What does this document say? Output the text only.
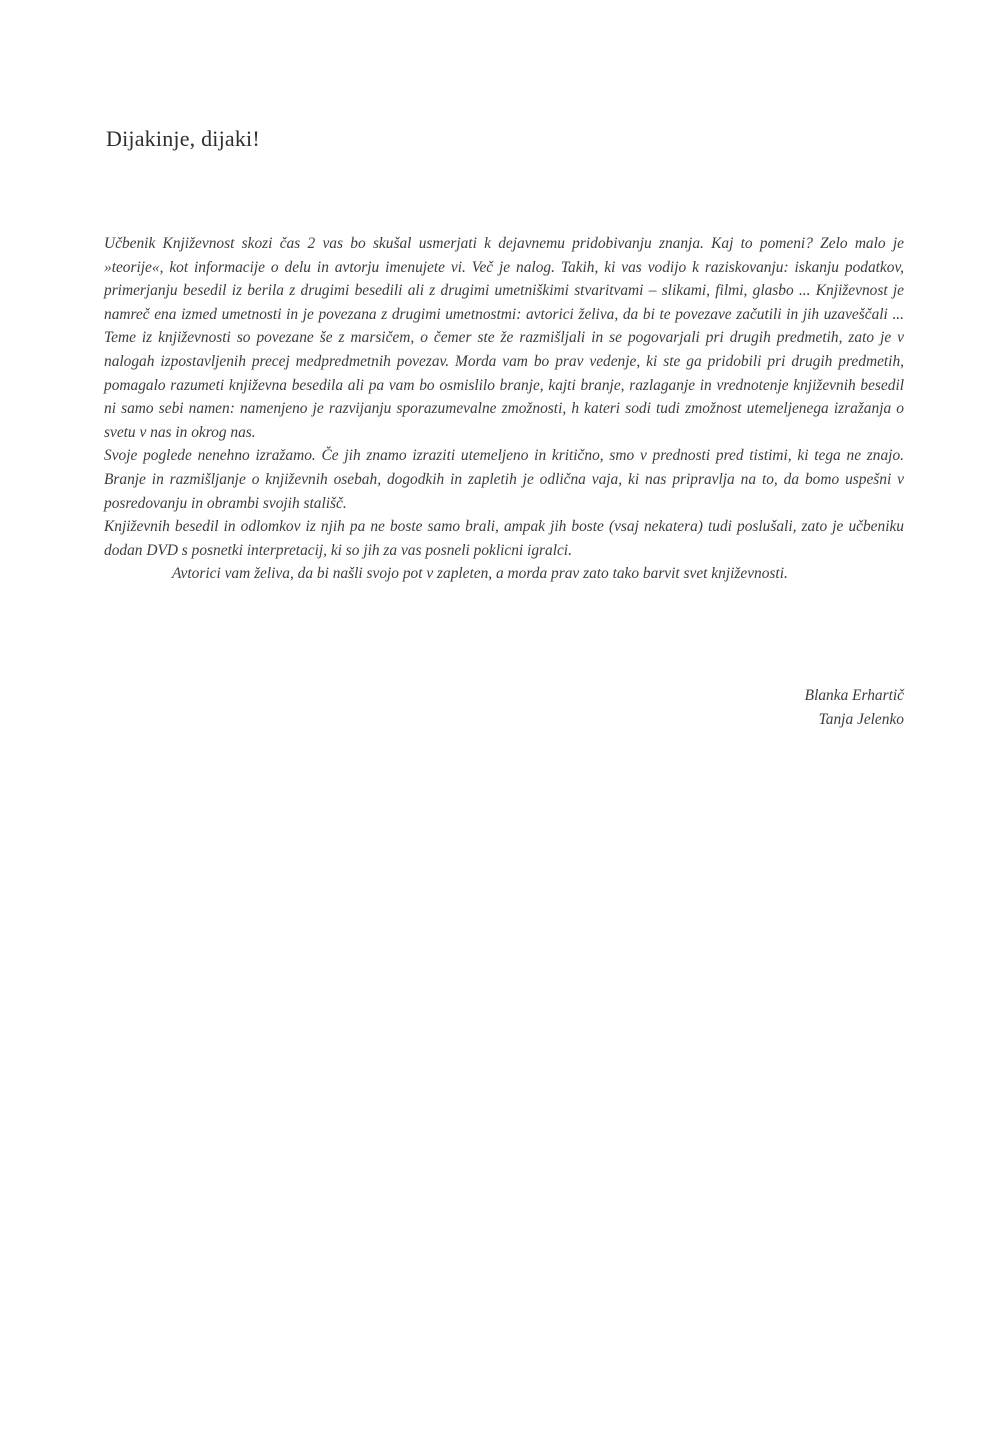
Dijakinje, dijaki!

Učbenik Književnost skozi čas 2 vas bo skušal usmerjati k dejavnemu pridobivanju znanja. Kaj to pomeni? Zelo malo je »teorije«, kot informacije o delu in avtorju imenujete vi. Več je nalog. Takih, ki vas vodijo k raziskovanju: iskanju podatkov, primerjanju besedil iz berila z drugimi besedili ali z drugimi umetniškimi stvaritvami – slikami, filmi, glasbo ... Književnost je namreč ena izmed umetnosti in je povezana z drugimi umetnostmi: avtorici želiva, da bi te povezave začutili in jih uzaveščali ... Teme iz književnosti so povezane še z marsičem, o čemer ste že razmišljali in se pogovarjali pri drugih predmetih, zato je v nalogah izpostavljenih precej medpredmetnih povezav. Morda vam bo prav vedenje, ki ste ga pridobili pri drugih predmetih, pomagalo razumeti književna besedila ali pa vam bo osmislilo branje, kajti branje, razlaganje in vrednotenje književnih besedil ni samo sebi namen: namenjeno je razvijanju sporazumevalne zmožnosti, h kateri sodi tudi zmožnost utemeljenega izražanja o svetu v nas in okrog nas.

Svoje poglede nenehno izražamo. Če jih znamo izraziti utemeljeno in kritično, smo v prednosti pred tistimi, ki tega ne znajo. Branje in razmišljanje o književnih osebah, dogodkih in zapletih je odlična vaja, ki nas pripravlja na to, da bomo uspešni v posredovanju in obrambi svojih stališč.

Književnih besedil in odlomkov iz njih pa ne boste samo brali, ampak jih boste (vsaj nekatera) tudi poslušali, zato je učbeniku dodan DVD s posnetki interpretacij, ki so jih za vas posneli poklicni igralci.

Avtorici vam želiva, da bi našli svojo pot v zapleten, a morda prav zato tako barvit svet književnosti.

Blanka Erhartič
Tanja Jelenko
